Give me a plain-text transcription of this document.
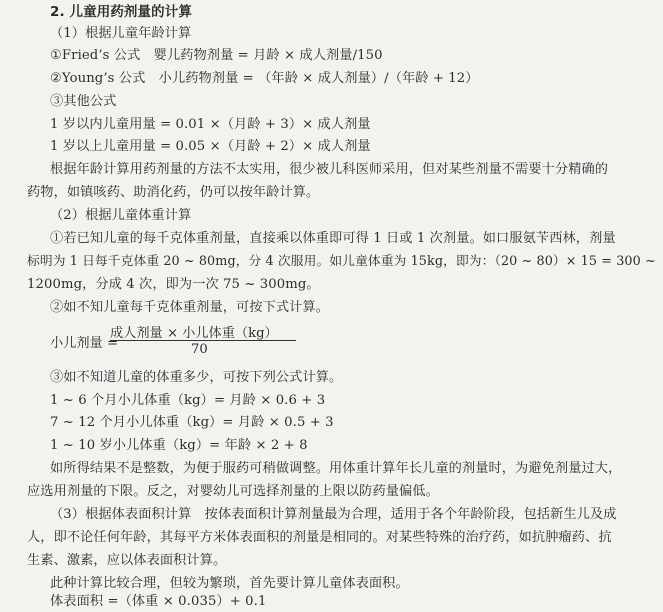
2. 儿童用药剂量的计算
（1）根据儿童年龄计算
①Fried’s 公式　婴儿药物剂量 = 月龄 × 成人剂量/150
②Young’s 公式　小儿药物剂量 = （年龄 × 成人剂量）/（年龄 + 12）
③其他公式
1 岁以内儿童用量 = 0.01 ×（月龄 + 3）× 成人剂量
1 岁以上儿童用量 = 0.05 ×（月龄 + 2）× 成人剂量
根据年龄计算用药剂量的方法不太实用，很少被儿科医师采用，但对某些剂量不需要十分精确的
药物，如镇咳药、助消化药，仍可以按年龄计算。
（2）根据儿童体重计算
①若已知儿童的每千克体重剂量，直接乘以体重即可得 1 日或 1 次剂量。如口服氨苄西林，剂量
标明为 1 日每千克体重 20 ~ 80mg，分 4 次服用。如儿童体重为 15kg，即为：（20 ~ 80）× 15 = 300 ~
1200mg，分成 4 次，即为一次 75 ~ 300mg。
②如不知儿童每千克体重剂量，可按下式计算。
小儿剂量 =
成人剂量 × 小儿体重（kg）
70
③如不知道儿童的体重多少，可按下列公式计算。
1 ~ 6 个月小儿体重（kg）= 月龄 × 0.6 + 3
7 ~ 12 个月小儿体重（kg）= 月龄 × 0.5 + 3
1 ~ 10 岁小儿体重（kg）= 年龄 × 2 + 8
如所得结果不是整数，为便于服药可稍做调整。用体重计算年长儿童的剂量时，为避免剂量过大，
应选用剂量的下限。反之，对婴幼儿可选择剂量的上限以防药量偏低。
（3）根据体表面积计算　按体表面积计算剂量最为合理，适用于各个年龄阶段，包括新生儿及成
人，即不论任何年龄，其每平方米体表面积的剂量是相同的。对某些特殊的治疗药，如抗肿瘤药、抗
生素、激素，应以体表面积计算。
此种计算比较合理，但较为繁琐，首先要计算儿童体表面积。
体表面积 =（体重 × 0.035）+ 0.1
